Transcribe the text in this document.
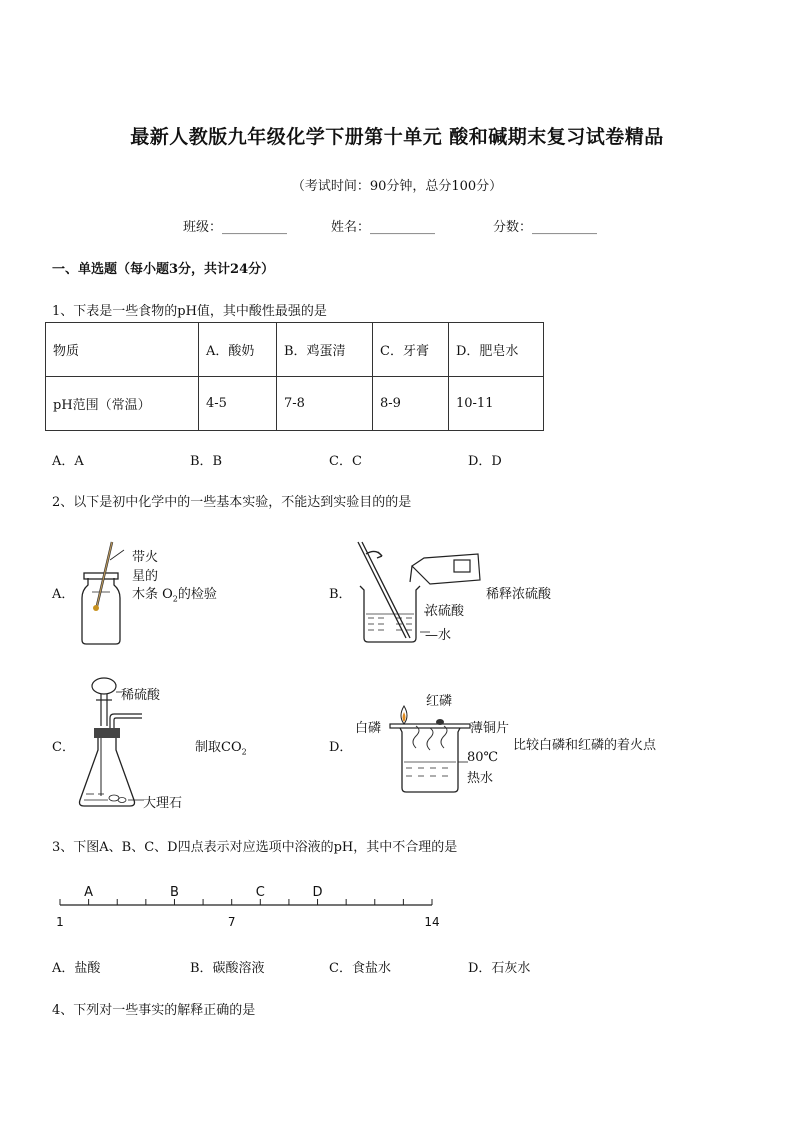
最新人教版九年级化学下册第十单元 酸和碱期末复习试卷精品
（考试时间：90分钟，总分100分）
班级：__________	姓名：__________	分数：__________
一、单选题（每小题3分，共计24分）
1、下表是一些食物的pH值，其中酸性最强的是
物质	A．酸奶	B．鸡蛋清	C．牙膏	D．肥皂水
pH范围（常温）	4-5	7-8	8-9	10-11
A．A	B．B	C．C	D．D
2、以下是初中化学中的一些基本实验，不能达到实验目的的是
A．
带火
星的
木条 $O_2$的检验	B．	稀释浓硫酸
浓硫酸
—水
C．
稀硫酸
大理石
制取$CO_2$	D．
红磷
白磷	薄铜片
80℃
热水
比较白磷和红磷的着火点
3、下图A、B、C、D四点表示对应选项中浴液的pH，其中不合理的是
1	7	14
A	B	C	D
A．盐酸	B．碳酸溶液	C．食盐水	D．石灰水
4、下列对一些事实的解释正确的是
